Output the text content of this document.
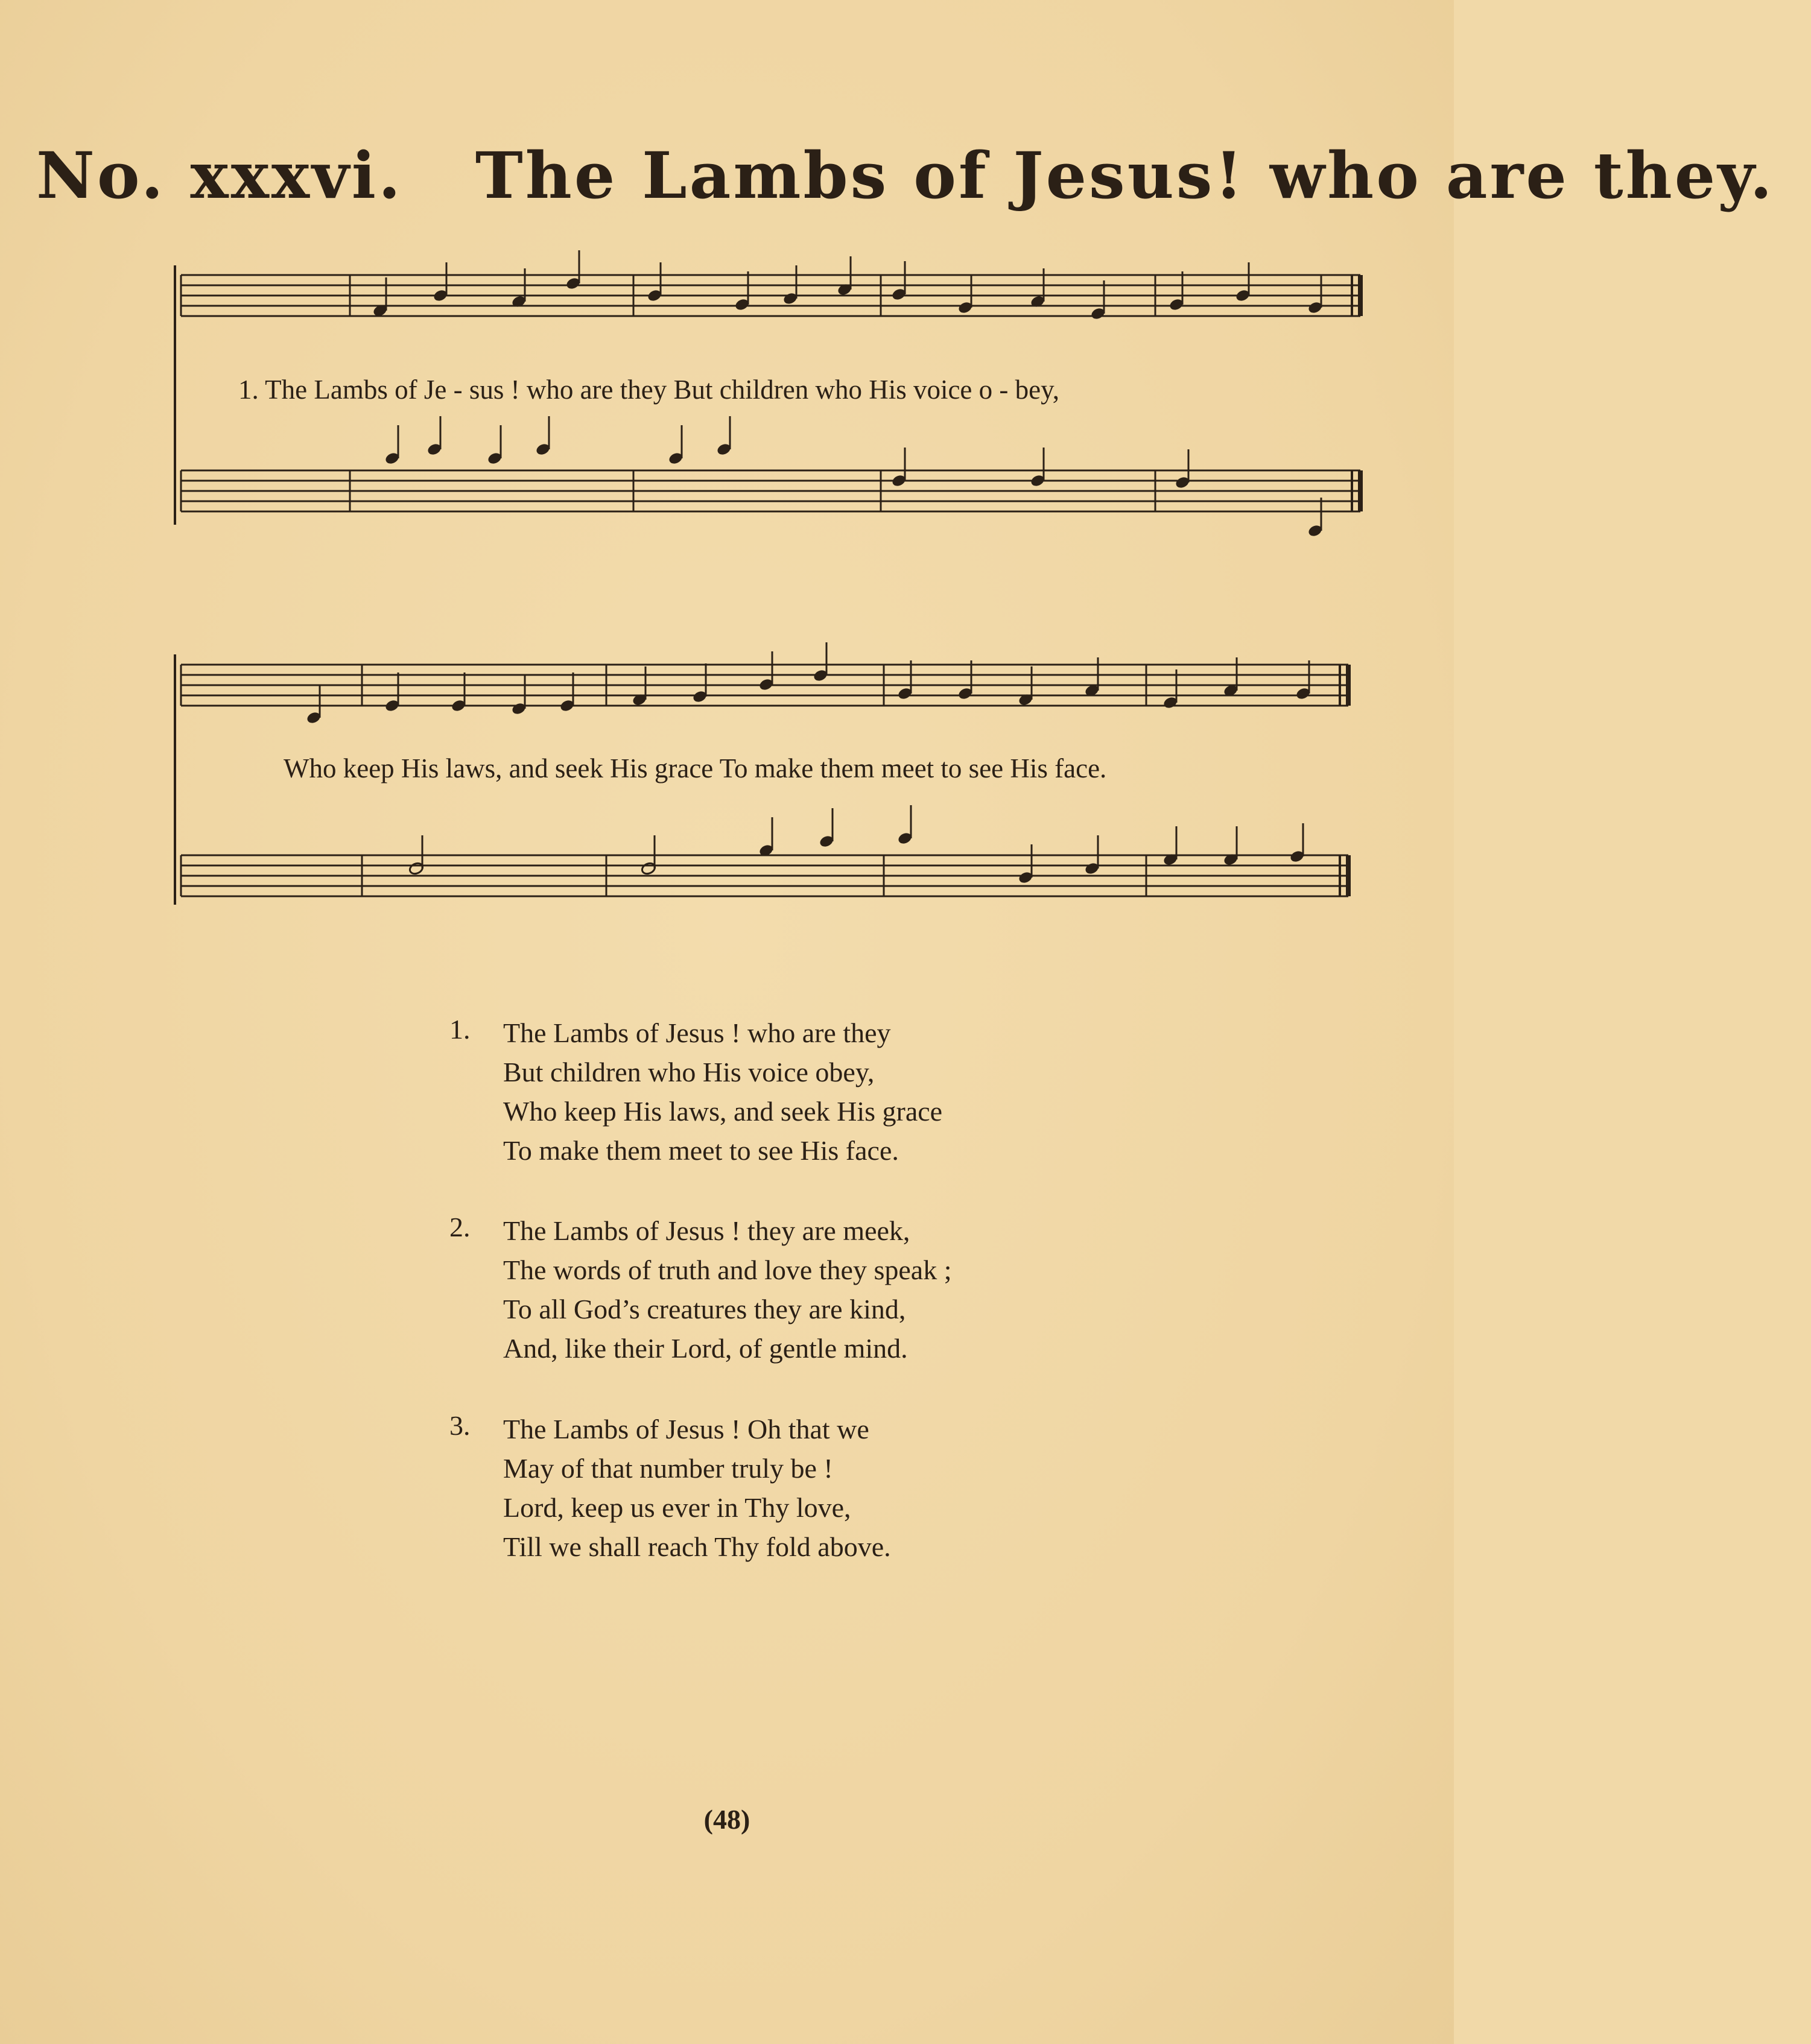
No. xxxvi. The Lambs of Jesus! who are they.
1. The Lambs of Je - sus ! who are they But children who His voice o - bey,
Who keep His laws, and seek His grace To make them meet to see His face.
1. The Lambs of Jesus ! who are they
But children who His voice obey,
Who keep His laws, and seek His grace
To make them meet to see His face.
2. The Lambs of Jesus ! they are meek,
The words of truth and love they speak ;
To all God’s creatures they are kind,
And, like their Lord, of gentle mind.
3. The Lambs of Jesus ! Oh that we
May of that number truly be !
Lord, keep us ever in Thy love,
Till we shall reach Thy fold above.
(48)
